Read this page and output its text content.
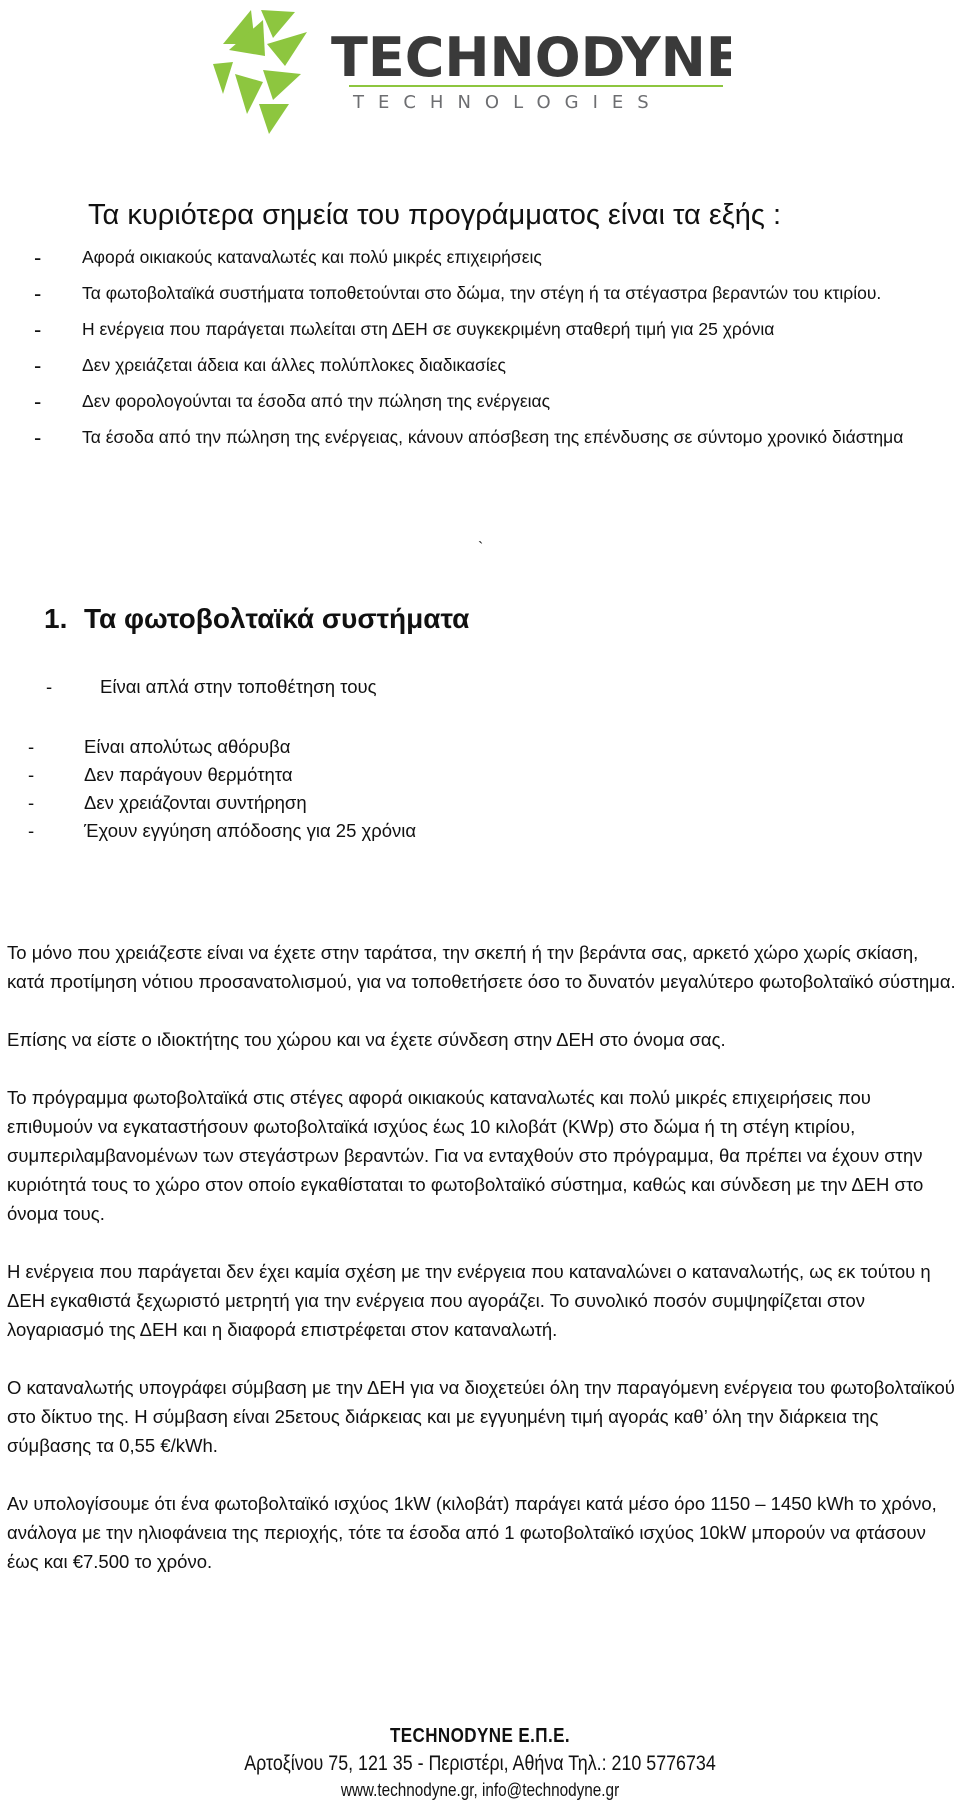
TECHNODYNE
TECHNOLOGIES
Τα κυριότερα σημεία του προγράμματος είναι τα εξής :
- Αφορά οικιακούς καταναλωτές και πολύ μικρές επιχειρήσεις
- Τα φωτοβολταϊκά συστήματα τοποθετούνται στο δώμα, την στέγη ή τα στέγαστρα βεραντών του κτιρίου.
- Η ενέργεια που παράγεται πωλείται στη ΔΕΗ σε συγκεκριμένη σταθερή τιμή για 25 χρόνια
- Δεν χρειάζεται άδεια και άλλες πολύπλοκες διαδικασίες
- Δεν φορολογούνται τα έσοδα από την πώληση της ενέργειας
- Τα έσοδα από την πώληση της ενέργειας, κάνουν απόσβεση της επένδυσης σε σύντομο χρονικό διάστημα
`
1. Τα φωτοβολταϊκά συστήματα
-	Είναι απλά στην τοποθέτηση τους
-	Είναι απολύτως αθόρυβα
-	Δεν παράγουν θερμότητα
-	Δεν χρειάζονται συντήρηση
-	Έχουν εγγύηση απόδοσης για 25 χρόνια

Το μόνο που χρειάζεστε είναι να έχετε στην ταράτσα, την σκεπή ή την βεράντα σας, αρκετό χώρο χωρίς σκίαση, κατά προτίμηση νότιου προσανατολισμού, για να τοποθετήσετε όσο το δυνατόν μεγαλύτερο φωτοβολταϊκό σύστημα.

Επίσης να είστε ο ιδιοκτήτης του χώρου και να έχετε σύνδεση στην ΔΕΗ στο όνομα σας.

Το πρόγραμμα φωτοβολταϊκά στις στέγες αφορά οικιακούς καταναλωτές και πολύ μικρές επιχειρήσεις που επιθυμούν να εγκαταστήσουν φωτοβολταϊκά ισχύος έως 10 κιλοβάτ (KWp) στο δώμα ή τη στέγη κτιρίου, συμπεριλαμβανομένων των στεγάστρων βεραντών. Για να ενταχθούν στο πρόγραμμα, θα πρέπει να έχουν στην κυριότητά τους το χώρο στον οποίο εγκαθίσταται το φωτοβολταϊκό σύστημα, καθώς και σύνδεση με την ΔΕΗ στο όνομα τους.

Η ενέργεια που παράγεται δεν έχει καμία σχέση με την ενέργεια που καταναλώνει ο καταναλωτής, ως εκ τούτου η ΔΕΗ εγκαθιστά ξεχωριστό μετρητή για την ενέργεια που αγοράζει. Το συνολικό ποσόν συμψηφίζεται στον λογαριασμό της ΔΕΗ και η διαφορά επιστρέφεται στον καταναλωτή.

Ο καταναλωτής υπογράφει σύμβαση με την ΔΕΗ για να διοχετεύει όλη την παραγόμενη ενέργεια του φωτοβολταϊκού στο δίκτυο της. Η σύμβαση είναι 25ετους διάρκειας και με εγγυημένη τιμή αγοράς καθ’ όλη την διάρκεια της σύμβασης τα 0,55 €/kWh.

Αν υπολογίσουμε ότι ένα φωτοβολταϊκό ισχύος 1kW (κιλοβάτ) παράγει κατά μέσο όρο 1150 – 1450 kWh το χρόνο, ανάλογα με την ηλιοφάνεια της περιοχής, τότε τα έσοδα από 1 φωτοβολταϊκό ισχύος 10kW μπορούν να φτάσουν έως και €7.500 το χρόνο.

TECHNODYNE Ε.Π.Ε.
Αρτοξίνου 75, 121 35 - Περιστέρι, Αθήνα Τηλ.: 210 5776734
www.technodyne.gr, info@technodyne.gr
